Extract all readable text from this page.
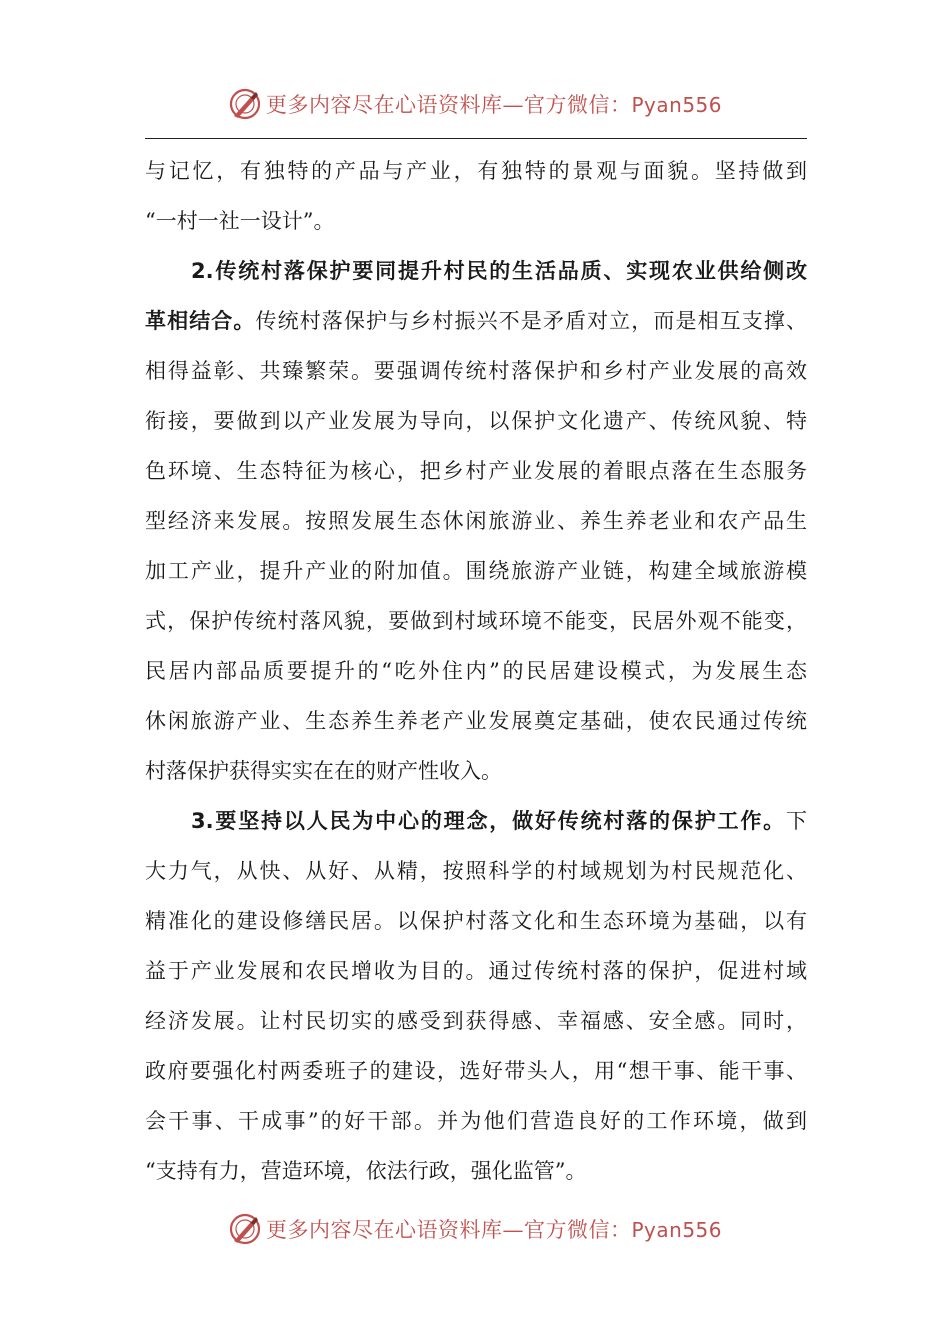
更多内容尽在心语资料库—官方微信：Pyan556
与记忆，有独特的产品与产业，有独特的景观与面貌。坚持做到
“一村一社一设计”。
2.传统村落保护要同提升村民的生活品质、实现农业供给侧改
革相结合。传统村落保护与乡村振兴不是矛盾对立，而是相互支撑、
相得益彰、共臻繁荣。要强调传统村落保护和乡村产业发展的高效
衔接，要做到以产业发展为导向，以保护文化遗产、传统风貌、特
色环境、生态特征为核心，把乡村产业发展的着眼点落在生态服务
型经济来发展。按照发展生态休闲旅游业、养生养老业和农产品生
加工产业，提升产业的附加值。围绕旅游产业链，构建全域旅游模
式，保护传统村落风貌，要做到村域环境不能变，民居外观不能变，
民居内部品质要提升的“吃外住内”的民居建设模式，为发展生态
休闲旅游产业、生态养生养老产业发展奠定基础，使农民通过传统
村落保护获得实实在在的财产性收入。
3.要坚持以人民为中心的理念，做好传统村落的保护工作。下
大力气，从快、从好、从精，按照科学的村域规划为村民规范化、
精准化的建设修缮民居。以保护村落文化和生态环境为基础，以有
益于产业发展和农民增收为目的。通过传统村落的保护，促进村域
经济发展。让村民切实的感受到获得感、幸福感、安全感。同时，
政府要强化村两委班子的建设，选好带头人，用“想干事、能干事、
会干事、干成事”的好干部。并为他们营造良好的工作环境，做到
“支持有力，营造环境，依法行政，强化监管”。
更多内容尽在心语资料库—官方微信：Pyan556
